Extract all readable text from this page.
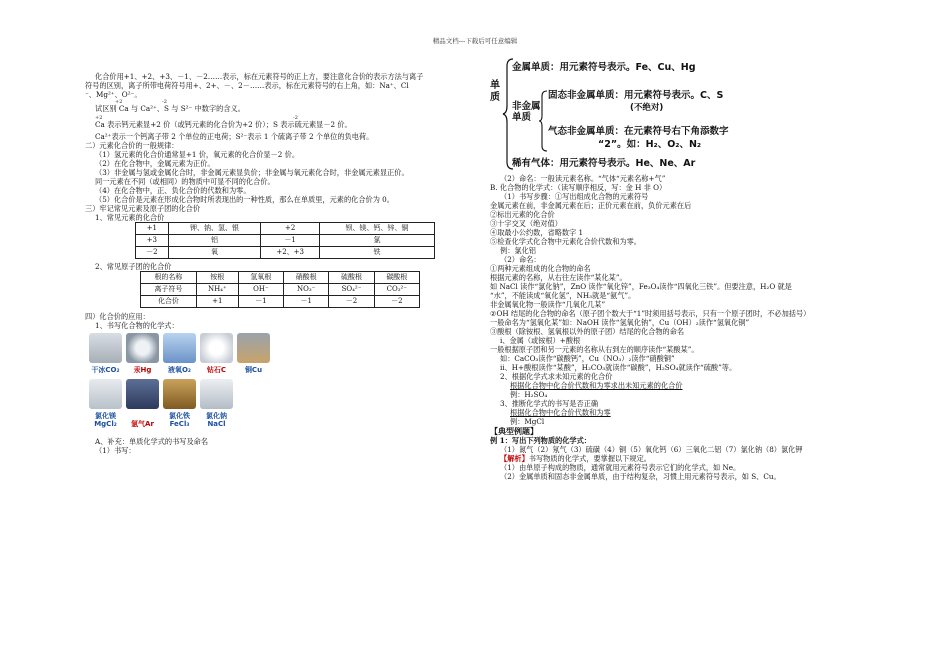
精品文档---下载后可任意编辑

化合价用+1、+2、+3、－1、－2……表示，标在元素符号的正上方，要注意化合价的表示方法与离子

符号的区别，离子所带电荷符号用+、2+、－、2－……表示，标在元素符号的右上角，如：Na⁺、Cl

⁻、Mg²⁺、O²⁻。

+2	-2

试区别 Ca 与 Ca²⁺、S 与 S²⁻ 中数字的含义。

+2	-2

Ca 表示钙元素显+2 价（或钙元素的化合价为+2 价）；S 表示硫元素显－2 价。

Ca²⁺表示一个钙离子带 2 个单位的正电荷；S²⁻表示 1 个硫离子带 2 个单位的负电荷。

二）元素化合价的一般规律：

（1）氢元素的化合价通常显+1 价，氧元素的化合价显－2 价。

（2）在化合物中，金属元素为正价。

（3）非金属与氢或金属化合时，非金属元素显负价；非金属与氧元素化合时，非金属元素显正价。

同一元素在不同（或相同）的物质中可显不同的化合价。

（4）在化合物中，正、负化合价的代数和为零。

（5）化合价是元素在形成化合物时所表现出的一种性质，那么在单质里，元素的化合价为 0。

三）牢记常见元素及原子团的化合价

1、常见元素的化合价

+1	钾、钠、氢、银	+2	钡、镁、钙、锌、铜
+3	铝	－1	氯
－2	氧	+2、+3	铁

2、常见原子团的化合价

根的名称	铵根	氢氧根	硝酸根	硫酸根	碳酸根
离子符号	NH₄⁺	OH⁻	NO₃⁻	SO₄²⁻	CO₃²⁻
化合价	+1	－1	－1	－2	－2

四）化合价的应用：

1、书写化合物的化学式：

干冰CO₂	汞Hg	液氧O₂	钻石C	铜Cu
氯化镁MgCl₂	氩气Ar
氯化铁FeCl₃
氯化钠NaCl

A、补充：单质化学式的书写及命名

（1）书写：

单质
金属单质：用元素符号表示。Fe、Cu、Hg
非金属单质
固态非金属单质：用元素符号表示。C、S
(不绝对)
气态非金属单质：在元素符号右下角添数字
“2”。如：H₂、O₂、N₂
稀有气体：用元素符号表示。He、Ne、Ar

（2）命名：一般读元素名称。“气体“元素名称+气”

B. 化合物的化学式：（读写顺序相反，写：金 H 非 O）

（1）书写步骤：①写出组成化合物的元素符号

金属元素在前，非金属元素在后；正价元素在前，负价元素在后

②标出元素的化合价

③十字交叉（绝对值）

④取最小公约数，省略数字 1

⑤检查化学式化合物中元素化合价代数和为零。

例：氯化铝

（2）命名：

①两种元素组成的化合物的命名

根据元素的名称，从右往左读作“某化某”。

如 NaCl 读作“氯化钠”，ZnO 读作“氧化锌”，Fe₃O₄读作“四氧化三铁”。但要注意，H₂O 就是

“水”，不能读成“氧化氢”，NH₃就是“氨气”。

非金属氧化物一般读作“几氧化几某”

②OH 结尾的化合物的命名（原子团个数大于“1”时须用括号表示，只有一个原子团时，不必加括号）

一般命名为“氢氧化某”如：NaOH 读作“氢氧化钠”，Cu（OH）₂读作“氢氧化铜”

③酸根（除铵根、氢氧根以外的原子团）结尾的化合物的命名

i、金属（或铵根）+酸根

一般根据原子团和另一元素的名称从右到左的顺序读作“某酸某”。

如：CaCO₃读作“碳酸钙”，Cu（NO₃）₂读作“硝酸铜”

ii、H+酸根读作“某酸”，H₂CO₃就读作“碳酸”，H₂SO₄就读作“硫酸”等。

2、根据化学式求未知元素的化合价

根据化合物中化合价代数和为零求出未知元素的化合价

例：H₂SO₄

3、推断化学式的书写是否正确

根据化合物中化合价代数和为零

例：MgCl

【典型例题】

例 1：写出下列物质的化学式：

（1）氮气（2）氖气（3）硫磺（4）铜（5）氧化钙（6）三氧化二铝（7）氯化钠（8）氯化钾

【解析】书写物质的化学式，要掌握以下规定。

（1）由单原子构成的物质，通常就用元素符号表示它们的化学式，如 Ne。

（2）金属单质和固态非金属单质，由于结构复杂，习惯上用元素符号表示，如 S、Cu。
